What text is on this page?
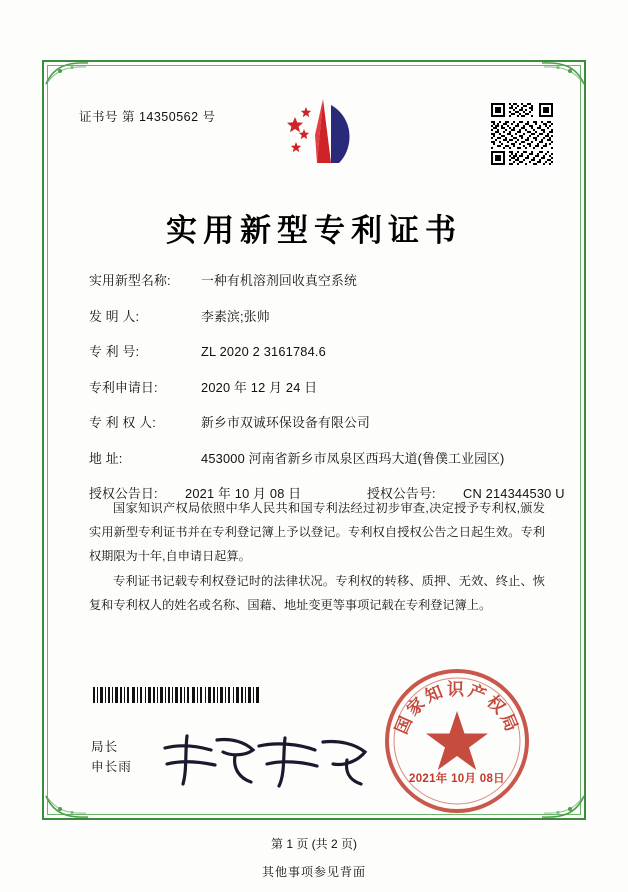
证书号 第 14350562 号
实用新型专利证书
实用新型名称:	一种有机溶剂回收真空系统
发 明 人:	李素滨;张帅
专 利 号:	ZL 2020 2 3161784.6
专利申请日:	2020 年 12 月 24 日
专 利 权 人:	新乡市双诚环保设备有限公司
地 址:	453000 河南省新乡市凤泉区西玛大道(鲁僕工业园区)
授权公告日:	2021 年 10 月 08 日	授权公告号:	CN 214344530 U

国家知识产权局依照中华人民共和国专利法经过初步审查,决定授予专利权,颁发实用新型专利证书并在专利登记簿上予以登记。专利权自授权公告之日起生效。专利权期限为十年,自申请日起算。

专利证书记载专利权登记时的法律状况。专利权的转移、质押、无效、终止、恢复和专利权人的姓名或名称、国藉、地址变更等事项记载在专利登记簿上。

国家知识产权局
2021年 10月 08日
局长
申长雨
第 1 页 (共 2 页)
其他事项参见背面
